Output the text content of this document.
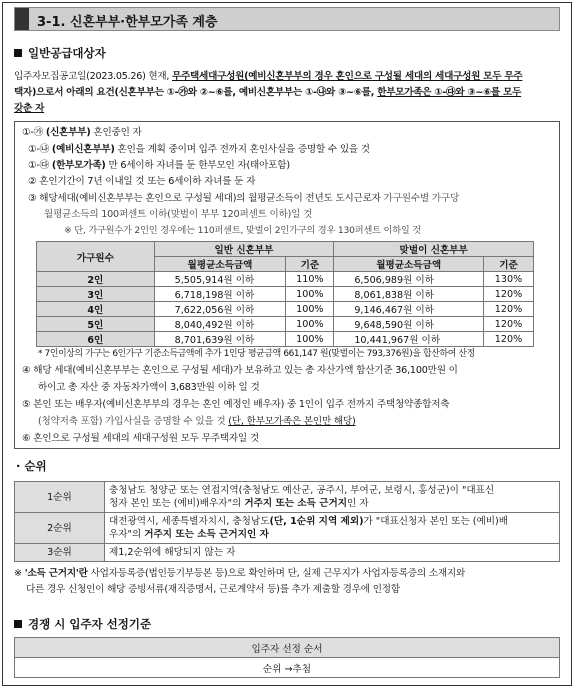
3-1. 신혼부부·한부모가족 계층
일반공급대상자
입주자모집공고일(2023.05.26) 현재, 무주택세대구성원(예비신혼부부의 경우 혼인으로 구성될 세대의 세대구성원 모두 무주
택자)으로서 아래의 요건(신혼부부는 ①-㉮와 ②~⑥를, 예비신혼부부는 ①-㉯와 ③~⑥를, 한부모가족은 ①-㉰와 ③~⑥를 모두
갖춘 자
①-㉮ (신혼부부) 혼인중인 자
①-㉯ (예비신혼부부) 혼인을 계획 중이며 입주 전까지 혼인사실을 증명할 수 있을 것
①-㉰ (한부모가족) 만 6세이하 자녀를 둔 한부모인 자(태아포함)
② 혼인기간이 7년 이내일 것 또는 6세이하 자녀를 둔 자
③ 해당세대(예비신혼부부는 혼인으로 구성될 세대)의 월평균소득이 전년도 도시근로자 가구원수별 가구당
월평균소득의 100퍼센트 이하(맞벌이 부부 120퍼센트 이하)일 것
※ 단, 가구원수가 2인인 경우에는 110퍼센트, 맞벌이 2인가구의 경우 130퍼센트 이하일 것
가구원수	일반 신혼부부		맞벌이 신혼부부	
	월평균소득금액	기준	월평균소득금액	기준
2인	5,505,914원 이하	110%	6,506,989원 이하	130%
3인	6,718,198원 이하	100%	8,061,838원 이하	120%
4인	7,622,056원 이하	100%	9,146,467원 이하	120%
5인	8,040,492원 이하	100%	9,648,590원 이하	120%
6인	8,701,639원 이하	100%	10,441,967원 이하	120%
* 7인이상의 가구는 6인가구 기준소득금액에 추가 1인당 평균금액 661,147 원(맞벌이는 793,376원)을 합산하여 산정
④ 해당 세대(예비신혼부부는 혼인으로 구성될 세대)가 보유하고 있는 총 자산가액 합산기준 36,100만원 이
하이고 총 자산 중 자동차가액이 3,683만원 이하 일 것
⑤ 본인 또는 배우자(예비신혼부부의 경우는 혼인 예정인 배우자) 중 1인이 입주 전까지 주택청약종합저축
(청약저축 포함) 가입사실을 증명할 수 있을 것 (단, 한부모가족은 본인만 해당)
⑥ 혼인으로 구성될 세대의 세대구성원 모두 무주택자일 것
· 순위
1순위	충청남도 청양군 또는 연접지역(충청남도 예산군, 공주시, 부여군, 보령시, 홍성군)이 "대표신
청자 본인 또는 (예비)배우자"의 거주지 또는 소득 근거지인 자

2순위	대전광역시, 세종특별자치시, 충청남도(단, 1순위 지역 제외)가 "대표신청자 본인 또는 (예비)배
우자"의 거주지 또는 소득 근거지인 자

3순위	제1,2순위에 해당되지 않는 자
※ '소득 근거지'란 사업자등록증(법인등기부등본 등)으로 확인하며 단, 실제 근무지가 사업자등록증의 소재지와
다른 경우 신청인이 해당 증빙서류(재직증명서, 근로계약서 등)를 추가 제출할 경우에 인정함
경쟁 시 입주자 선정기준
입주자 선정 순서
순위 →추첨
